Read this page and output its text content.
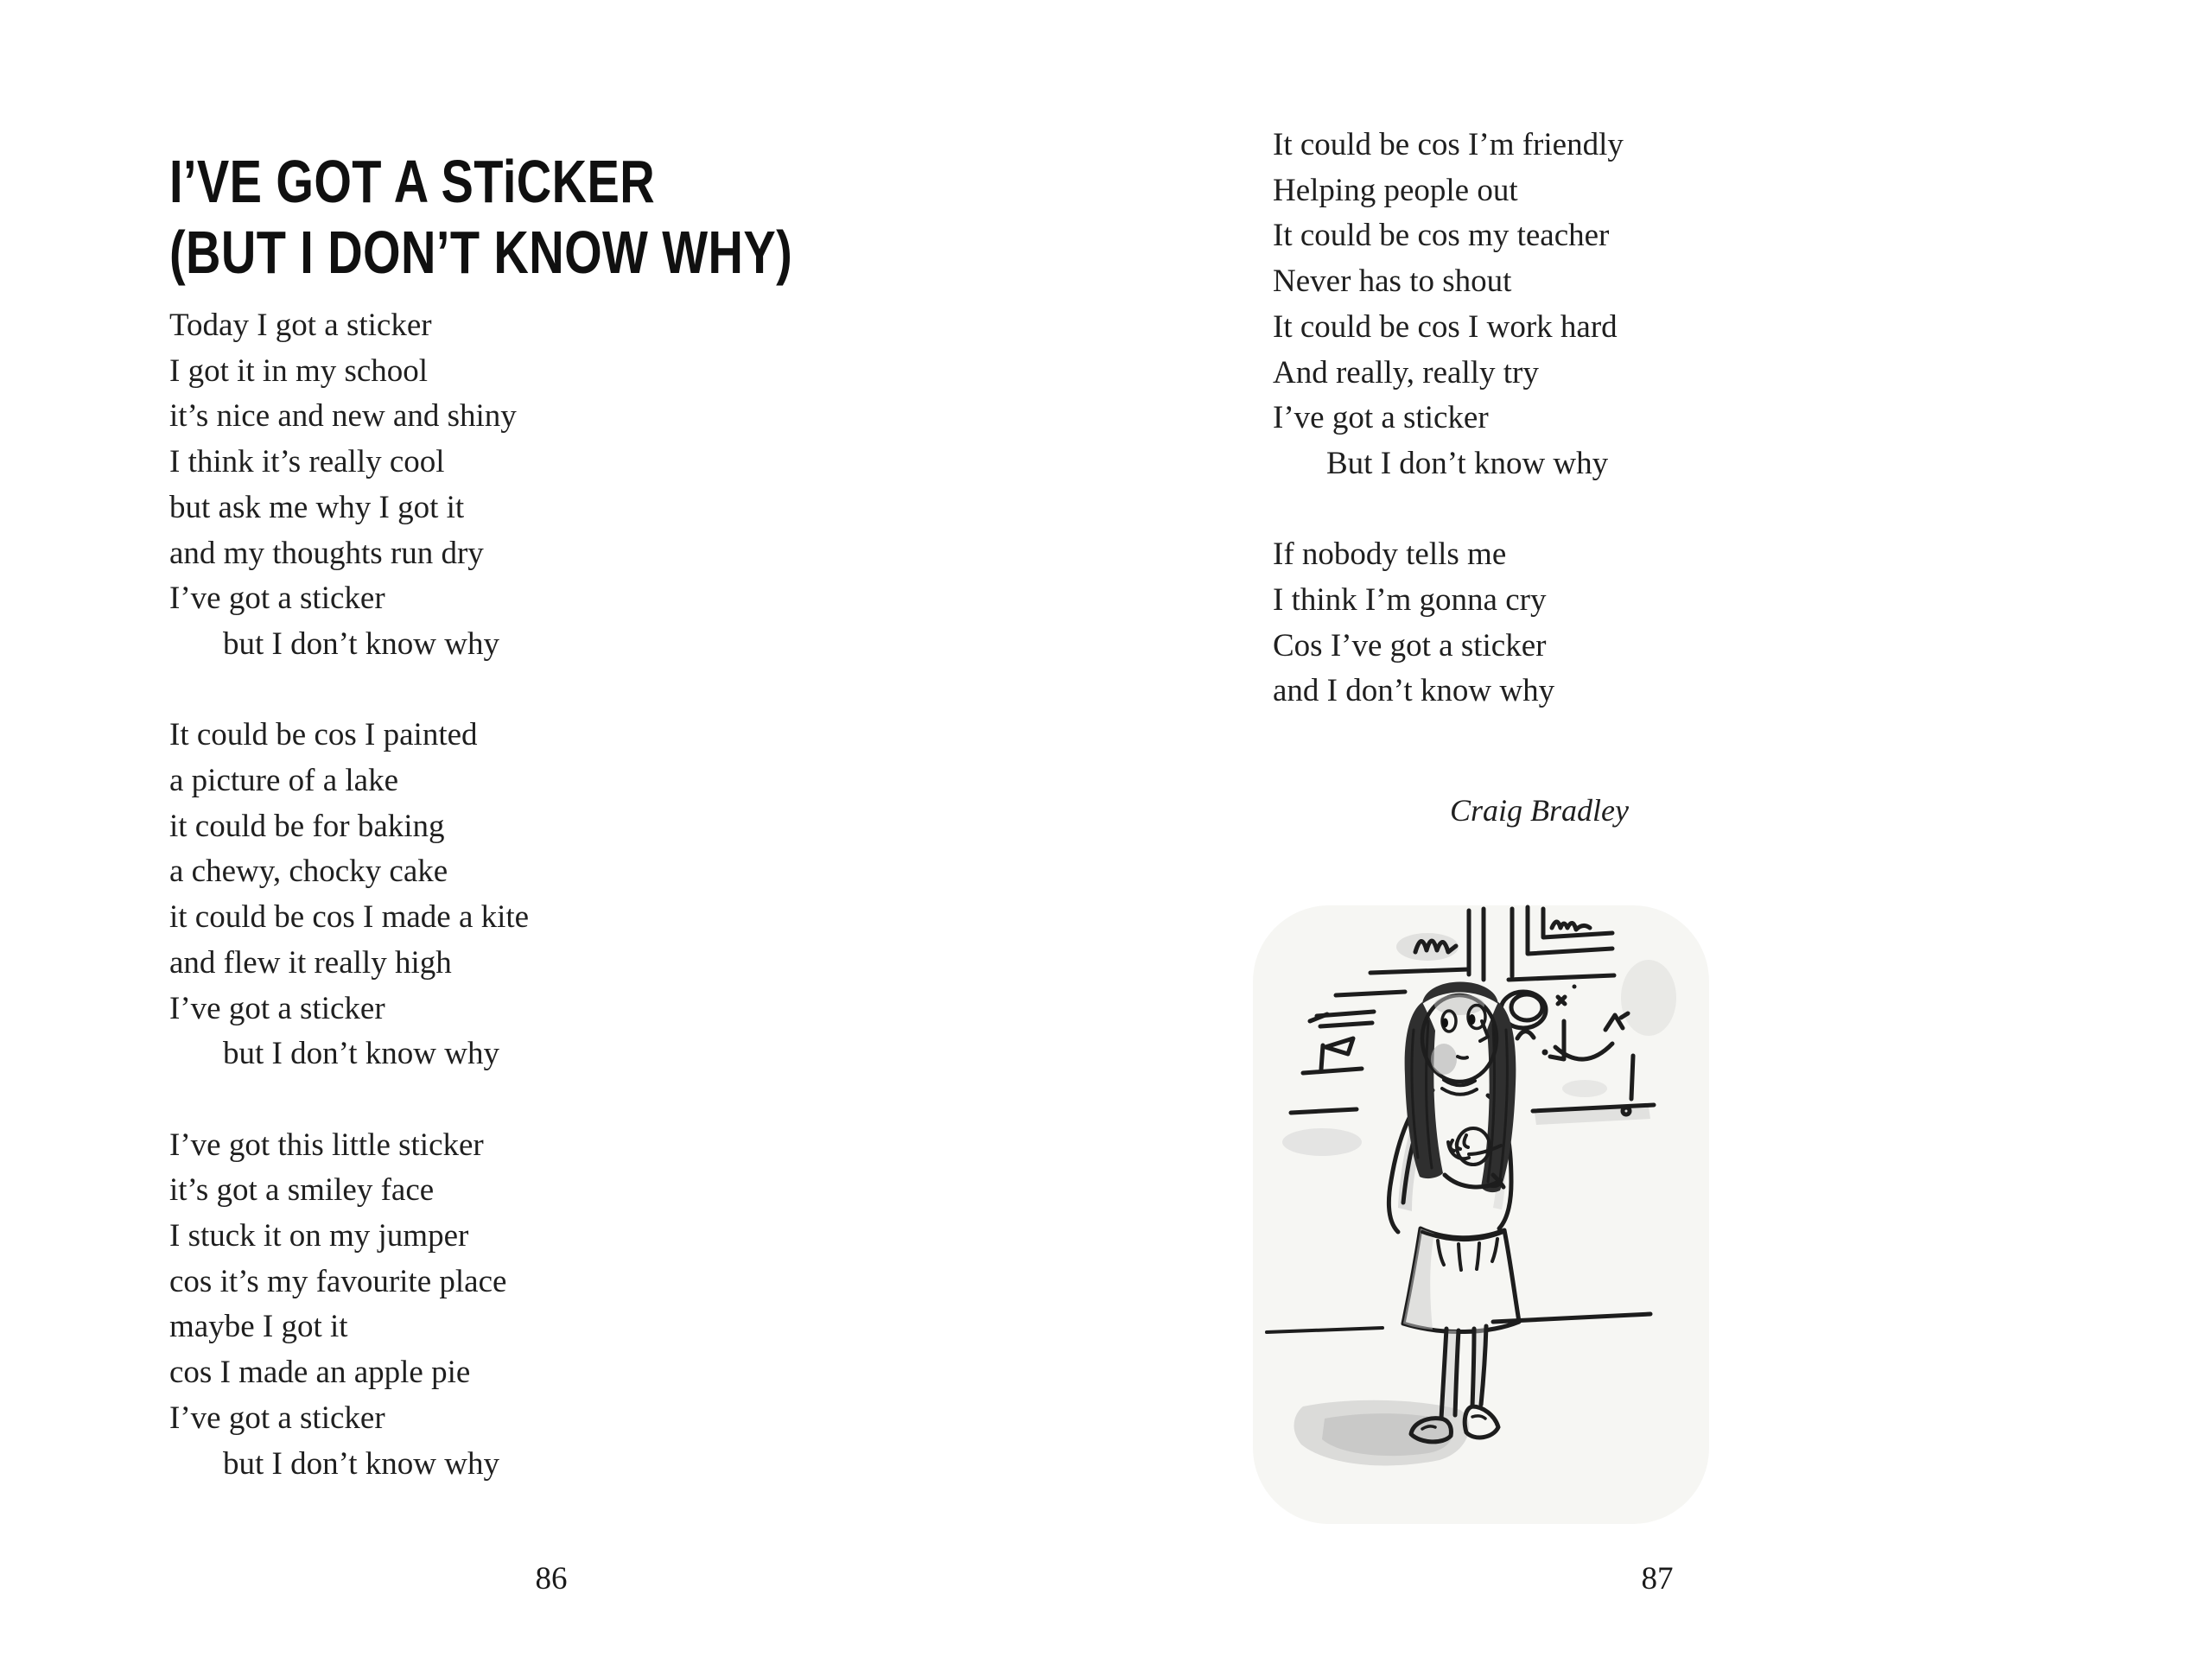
I’VE GOT A STiCKER
(BUT I DON’T KNOW WHY)
Today I got a sticker
I got it in my school
it’s nice and new and shiny
I think it’s really cool
but ask me why I got it
and my thoughts run dry
I’ve got a sticker
but I don’t know why
It could be cos I painted
a picture of a lake
it could be for baking
a chewy, chocky cake
it could be cos I made a kite
and flew it really high
I’ve got a sticker
but I don’t know why
I’ve got this little sticker
it’s got a smiley face
I stuck it on my jumper
cos it’s my favourite place
maybe I got it
cos I made an apple pie
I’ve got a sticker
but I don’t know why
86
It could be cos I’m friendly
Helping people out
It could be cos my teacher
Never has to shout
It could be cos I work hard
And really, really try
I’ve got a sticker
But I don’t know why
If nobody tells me
I think I’m gonna cry
Cos I’ve got a sticker
and I don’t know why
Craig Bradley
87
